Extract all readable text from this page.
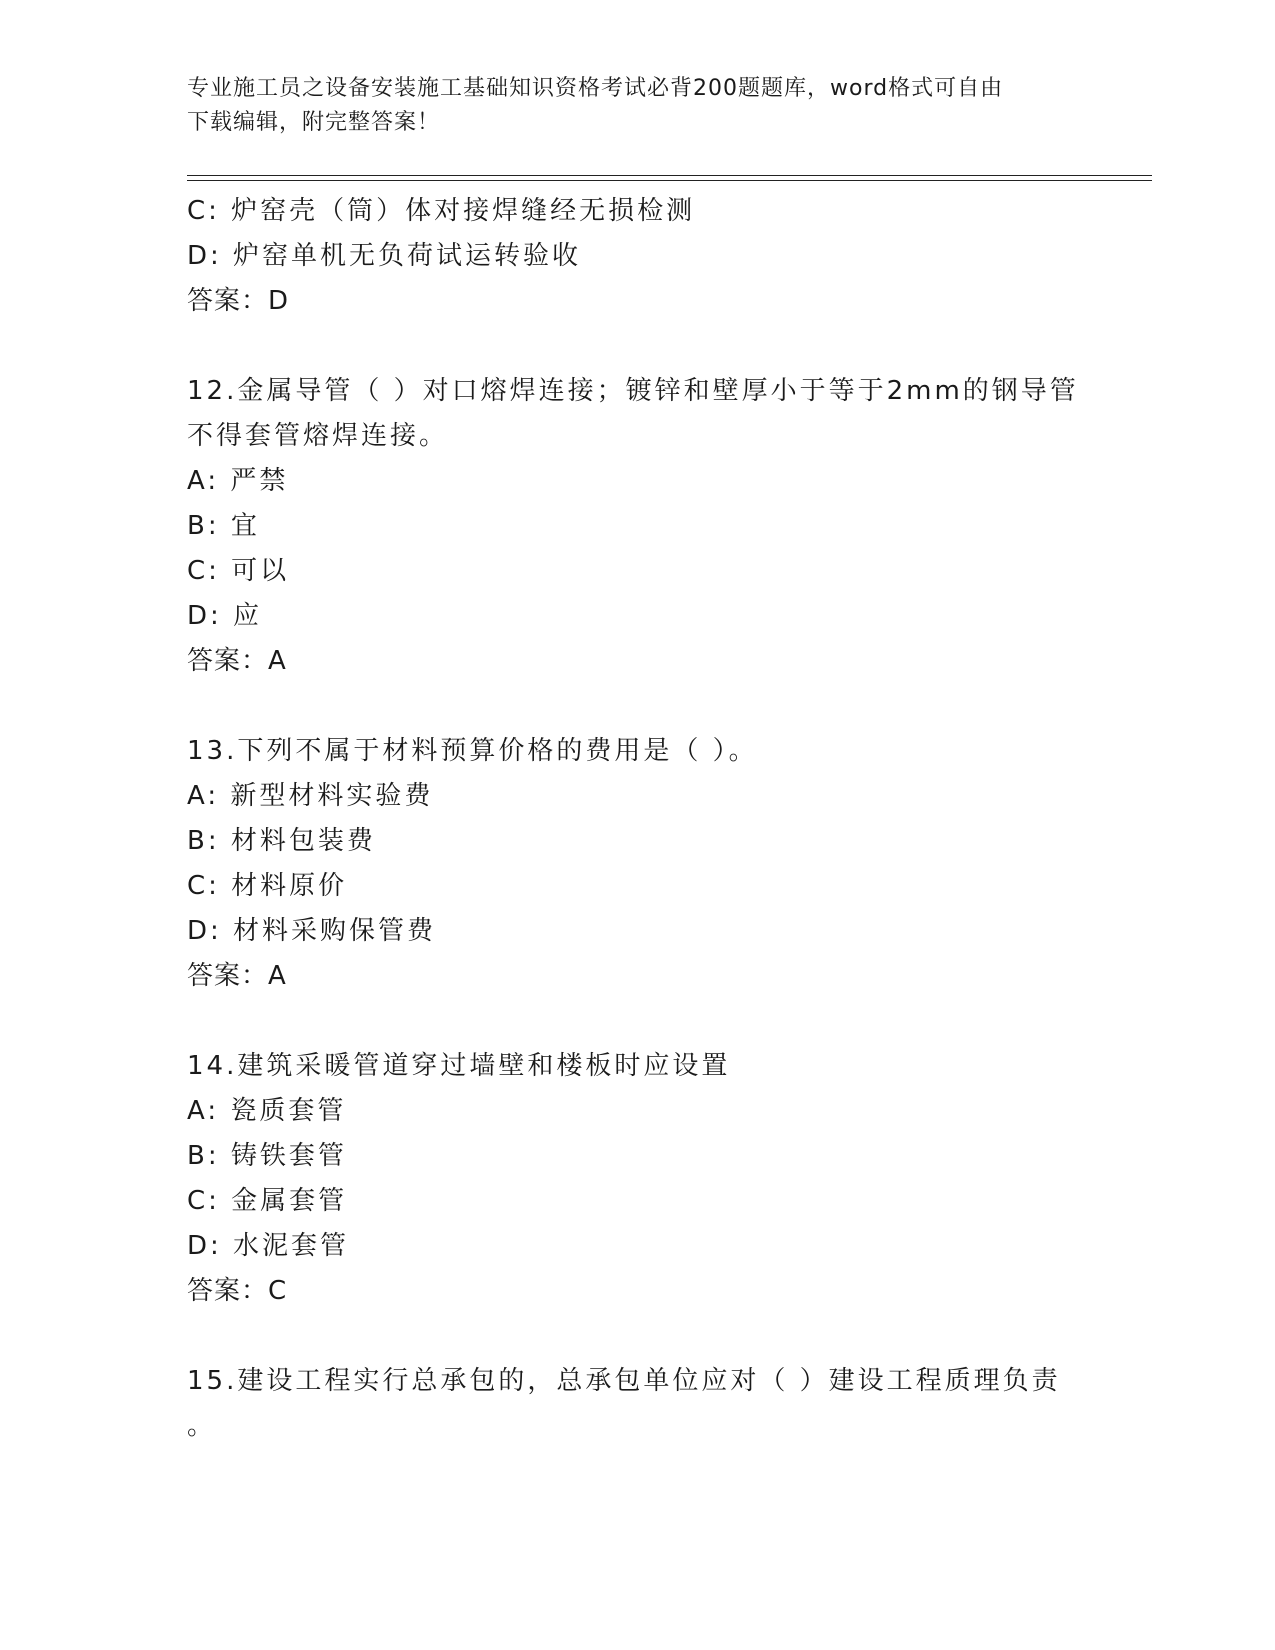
专业施工员之设备安装施工基础知识资格考试必背200题题库，word格式可自由
下载编辑，附完整答案！
C: 炉窑壳（筒）体对接焊缝经无损检测
D: 炉窑单机无负荷试运转验收
答案：D
12.金属导管（ ）对口熔焊连接；镀锌和壁厚小于等于2mm的钢导管
不得套管熔焊连接。
A: 严禁
B: 宜
C: 可以
D: 应
答案：A
13.下列不属于材料预算价格的费用是（ ）。
A: 新型材料实验费
B: 材料包装费
C: 材料原价
D: 材料采购保管费
答案：A
14.建筑采暖管道穿过墙壁和楼板时应设置
A: 瓷质套管
B: 铸铁套管
C: 金属套管
D: 水泥套管
答案：C
15.建设工程实行总承包的，总承包单位应对（ ）建设工程质理负责
。
